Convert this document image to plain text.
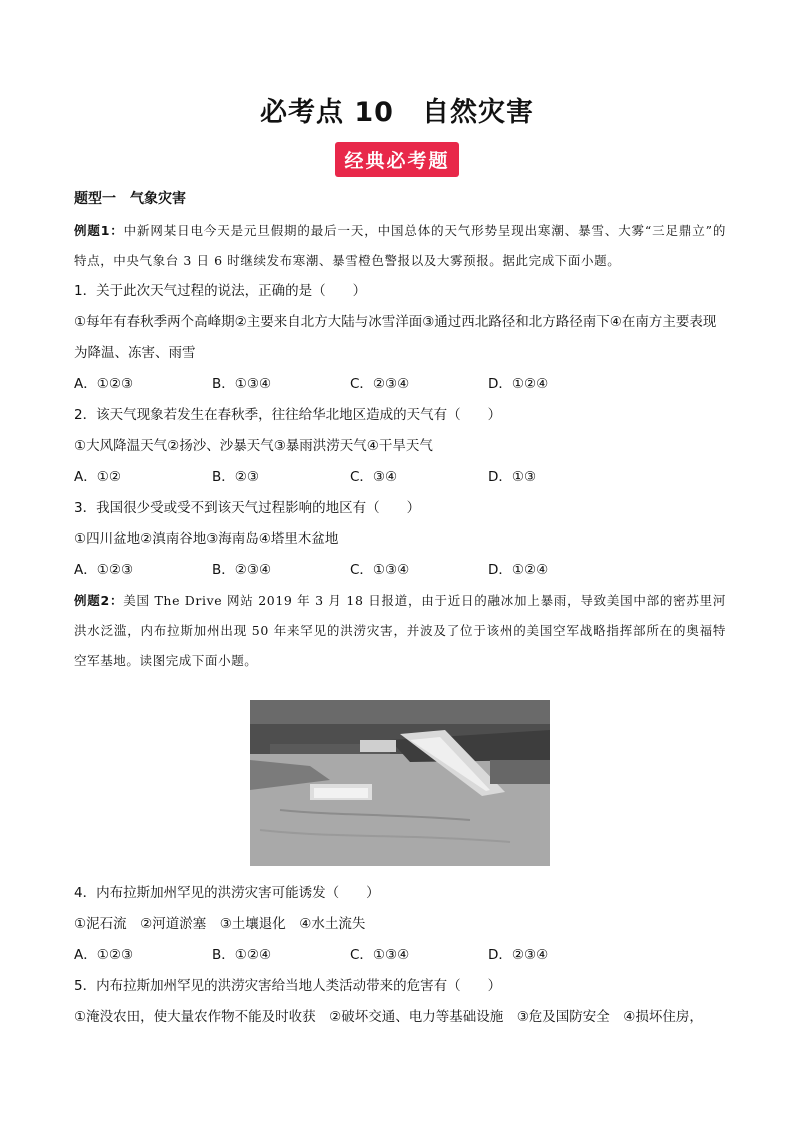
必考点 10　自然灾害
经典必考题
题型一　气象灾害
例题1：中新网某日电今天是元旦假期的最后一天，中国总体的天气形势呈现出寒潮、暴雪、大雾“三足鼎立”的特点，中央气象台 3 日 6 时继续发布寒潮、暴雪橙色警报以及大雾预报。据此完成下面小题。
1．关于此次天气过程的说法，正确的是（　　）
①每年有春秋季两个高峰期②主要来自北方大陆与冰雪洋面③通过西北路径和北方路径南下④在南方主要表现为降温、冻害、雨雪
A．①②③	B．①③④	C．②③④	D．①②④
2．该天气现象若发生在春秋季，往往给华北地区造成的天气有（　　）
①大风降温天气②扬沙、沙暴天气③暴雨洪涝天气④干旱天气
A．①②	B．②③	C．③④	D．①③
3．我国很少受或受不到该天气过程影响的地区有（　　）
①四川盆地②滇南谷地③海南岛④塔里木盆地
A．①②③	B．②③④	C．①③④	D．①②④
例题2：美国 The Drive 网站 2019 年 3 月 18 日报道，由于近日的融冰加上暴雨，导致美国中部的密苏里河洪水泛滥，内布拉斯加州出现 50 年来罕见的洪涝灾害，并波及了位于该州的美国空军战略指挥部所在的奥福特空军基地。读图完成下面小题。
4．内布拉斯加州罕见的洪涝灾害可能诱发（　　）
①泥石流　②河道淤塞　③土壤退化　④水土流失
A．①②③	B．①②④	C．①③④	D．②③④
5．内布拉斯加州罕见的洪涝灾害给当地人类活动带来的危害有（　　）
①淹没农田，使大量农作物不能及时收获　②破坏交通、电力等基础设施　③危及国防安全　④损坏住房，
